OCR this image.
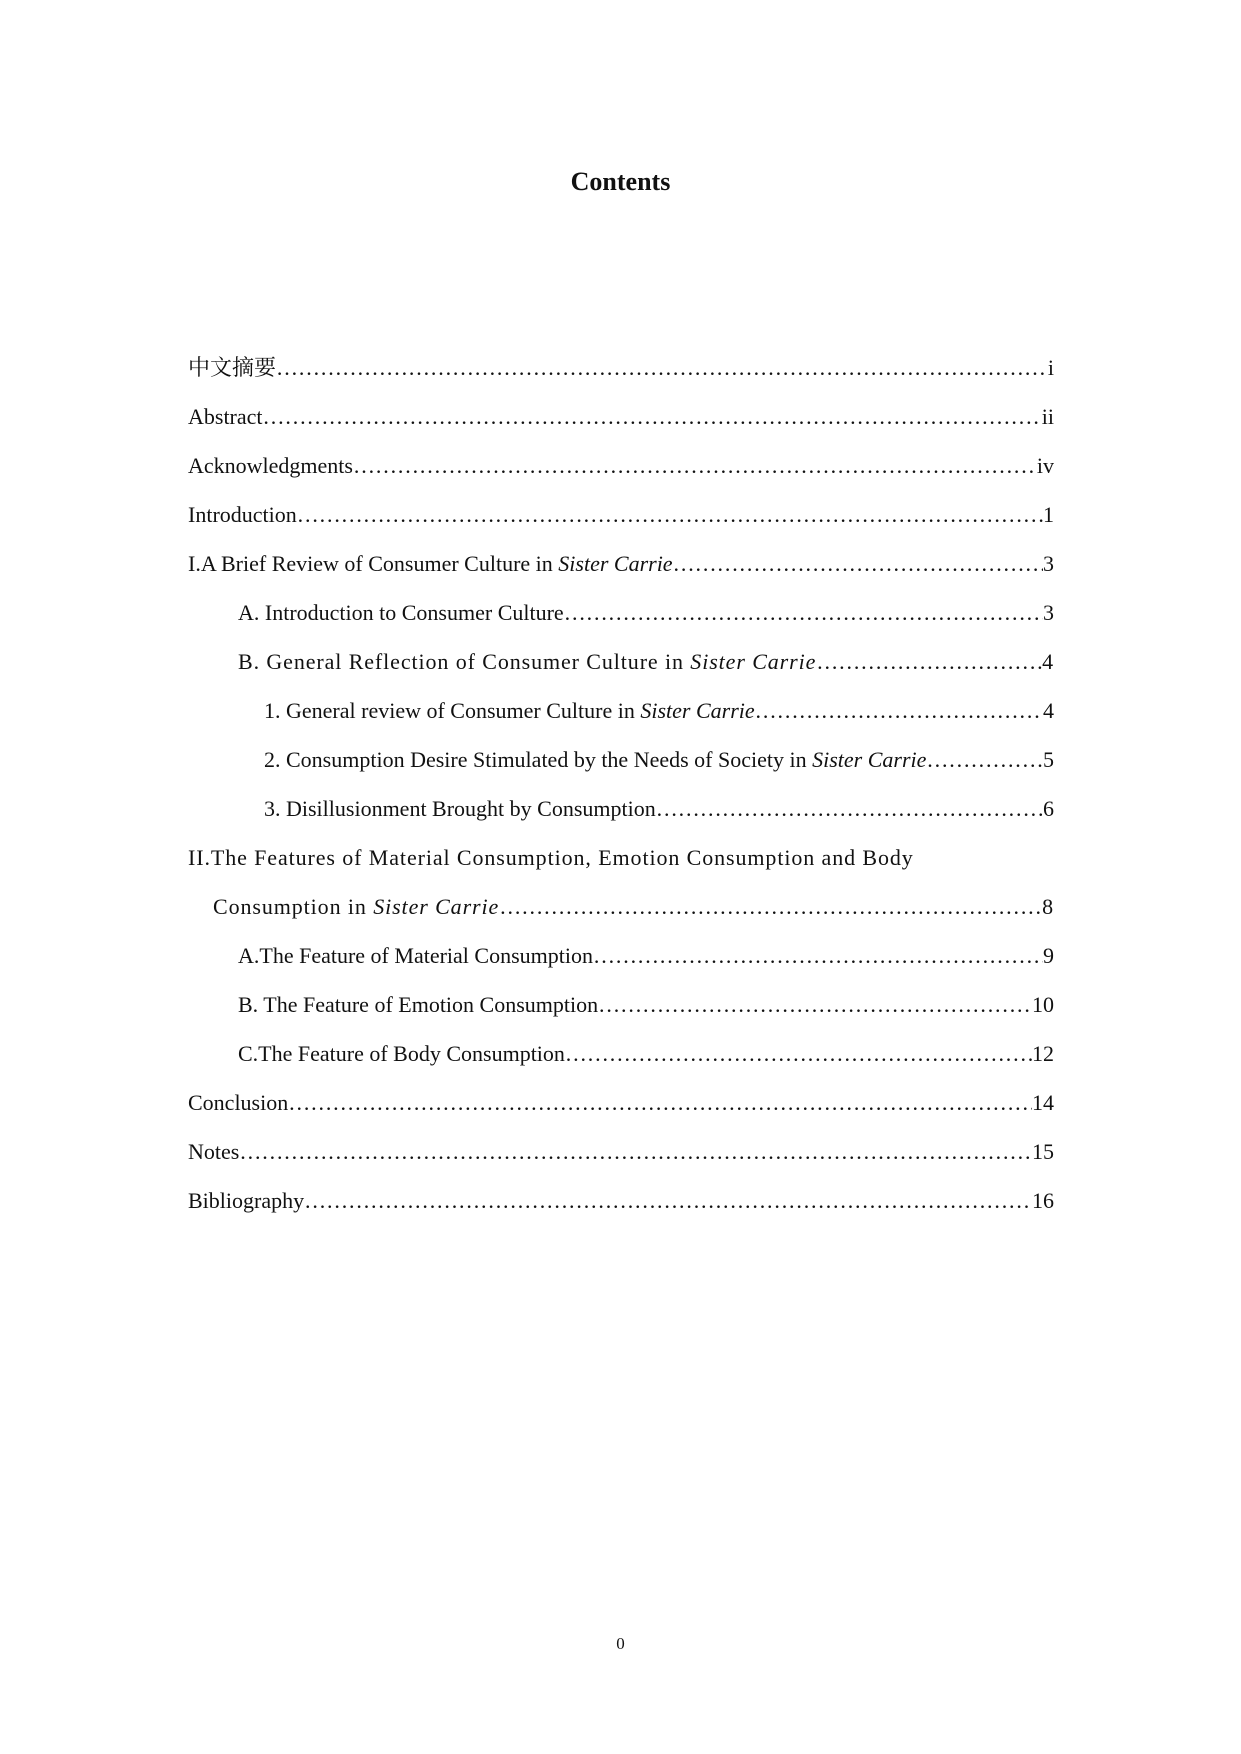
Contents
中文摘要 ……………………………………………………………………………………………………………………………………………………………………………	i
Abstract ……………………………………………………………………………………………………………………………………………………………………………	ii
Acknowledgments ……………………………………………………………………………………………………………………………………………………………………………	iv
Introduction ……………………………………………………………………………………………………………………………………………………………………………	1
I.A Brief Review of Consumer Culture in Sister Carrie ……………………………………………………………………………………………………………………………………………………………………………	3
A. Introduction to Consumer Culture ……………………………………………………………………………………………………………………………………………………………………………	3
B. General Reflection of Consumer Culture in Sister Carrie ……………………………………………………………………………………………………………………………………………………………………………	4
1. General review of Consumer Culture in Sister Carrie ……………………………………………………………………………………………………………………………………………………………………………	4
2. Consumption Desire Stimulated by the Needs of Society in Sister Carrie ……………………………………………………………………………………………………………………………………………………………………………	5
3. Disillusionment Brought by Consumption ……………………………………………………………………………………………………………………………………………………………………………	6
II.The Features of Material Consumption, Emotion Consumption and Body
Consumption in Sister Carrie ……………………………………………………………………………………………………………………………………………………………………………	8
A.The Feature of Material Consumption ……………………………………………………………………………………………………………………………………………………………………………	9
B. The Feature of Emotion Consumption ……………………………………………………………………………………………………………………………………………………………………………	10
C.The Feature of Body Consumption ……………………………………………………………………………………………………………………………………………………………………………	12
Conclusion ……………………………………………………………………………………………………………………………………………………………………………	14
Notes ……………………………………………………………………………………………………………………………………………………………………………	15
Bibliography ……………………………………………………………………………………………………………………………………………………………………………	16
0
